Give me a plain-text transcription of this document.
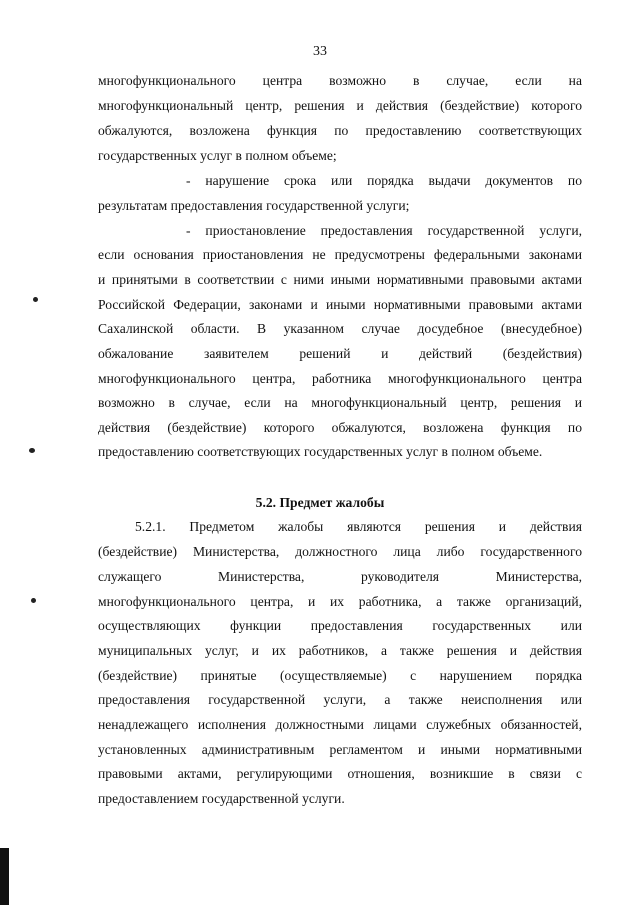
33
многофункционального центра возможно в случае, если на
многофункциональный центр, решения и действия (бездействие) которого
обжалуются, возложена функция по предоставлению соответствующих
государственных услуг в полном объеме;
- нарушение срока или порядка выдачи документов по
результатам предоставления государственной услуги;
- приостановление предоставления государственной услуги,
если основания приостановления не предусмотрены федеральными законами
и принятыми в соответствии с ними иными нормативными правовыми актами
Российской Федерации, законами и иными нормативными правовыми актами
Сахалинской области. В указанном случае досудебное (внесудебное)
обжалование заявителем решений и действий (бездействия)
многофункционального центра, работника многофункционального центра
возможно в случае, если на многофункциональный центр, решения и
действия (бездействие) которого обжалуются, возложена функция по
предоставлению соответствующих государственных услуг в полном объеме.
5.2. Предмет жалобы
5.2.1. Предметом жалобы являются решения и действия
(бездействие) Министерства, должностного лица либо государственного
служащего Министерства, руководителя Министерства,
многофункционального центра, и их работника, а также организаций,
осуществляющих функции предоставления государственных или
муниципальных услуг, и их работников, а также решения и действия
(бездействие) принятые (осуществляемые) с нарушением порядка
предоставления государственной услуги, а также неисполнения или
ненадлежащего исполнения должностными лицами служебных обязанностей,
установленных административным регламентом и иными нормативными
правовыми актами, регулирующими отношения, возникшие в связи с
предоставлением государственной услуги.
